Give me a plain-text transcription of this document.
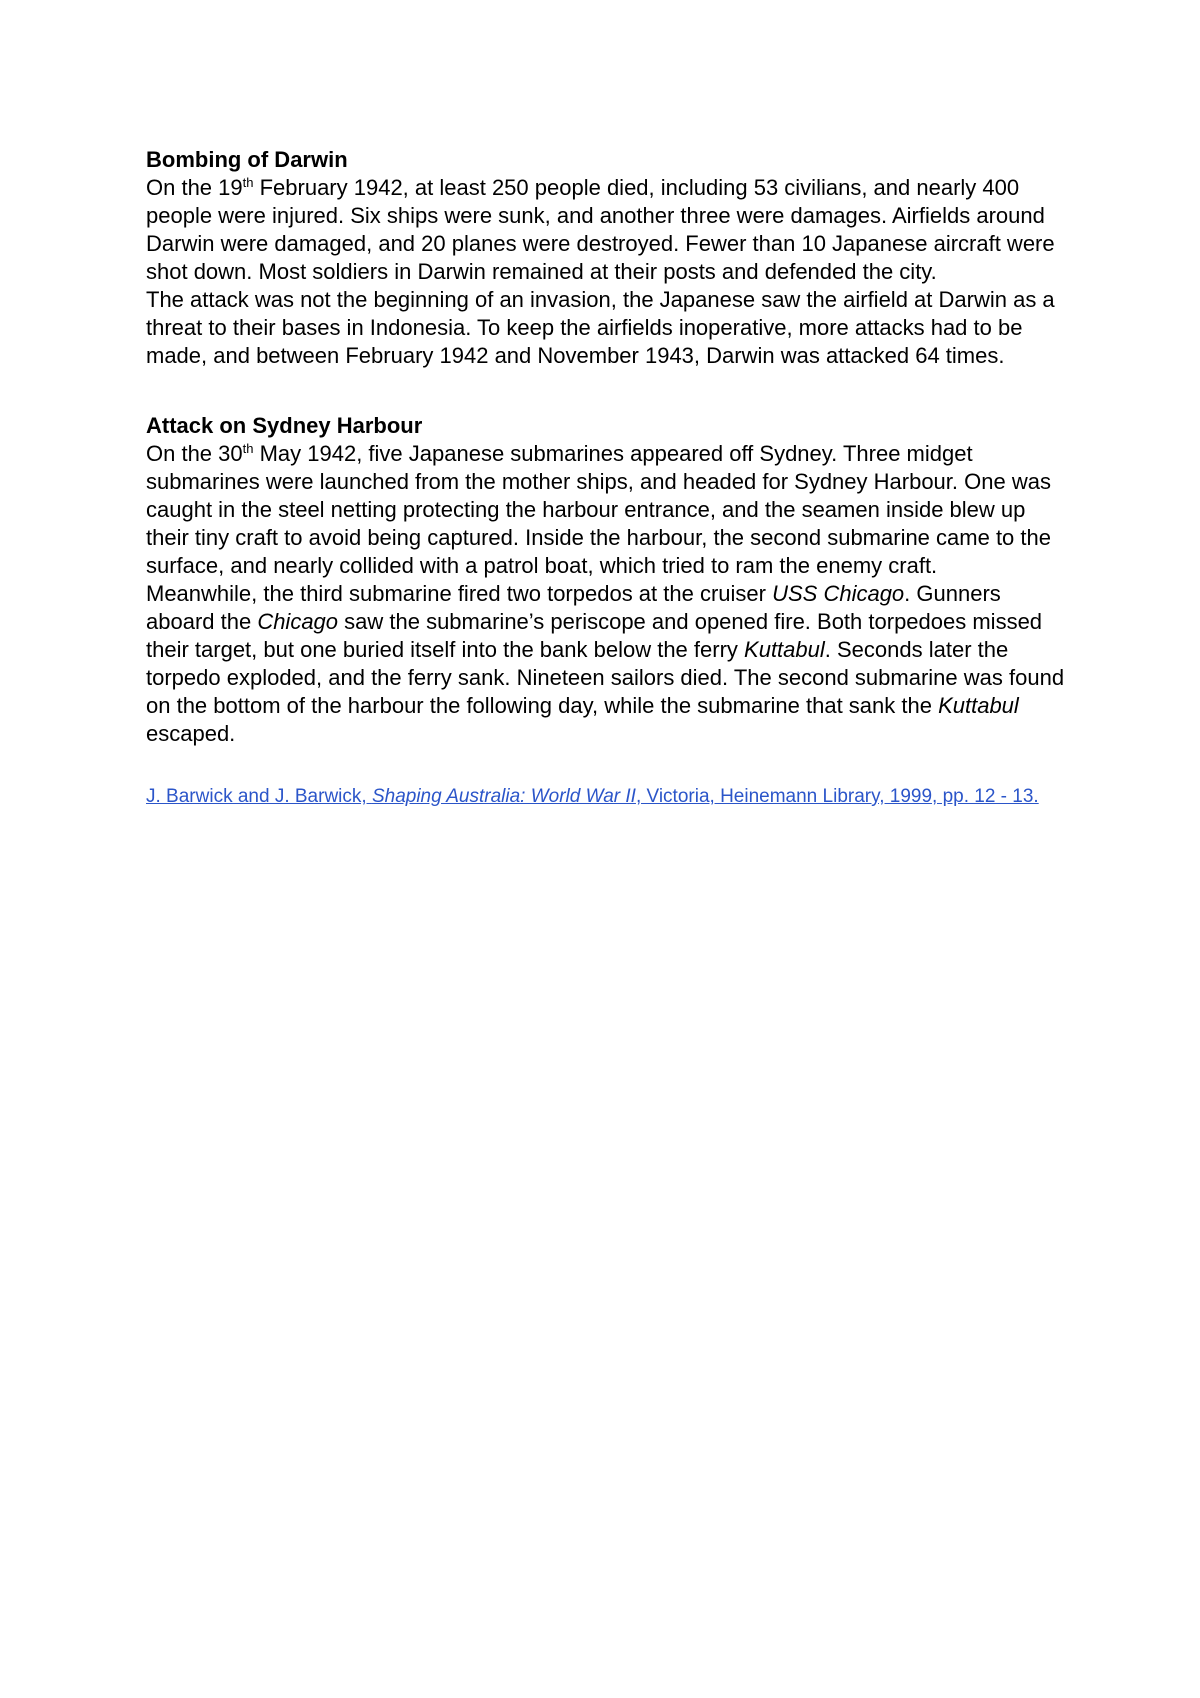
Bombing of Darwin

On the 19th February 1942, at least 250 people died, including 53 civilians, and nearly 400 people were injured. Six ships were sunk, and another three were damages. Airfields around Darwin were damaged, and 20 planes were destroyed. Fewer than 10 Japanese aircraft were shot down. Most soldiers in Darwin remained at their posts and defended the city.

The attack was not the beginning of an invasion, the Japanese saw the airfield at Darwin as a threat to their bases in Indonesia. To keep the airfields inoperative, more attacks had to be made, and between February 1942 and November 1943, Darwin was attacked 64 times.

Attack on Sydney Harbour

On the 30th May 1942, five Japanese submarines appeared off Sydney. Three midget submarines were launched from the mother ships, and headed for Sydney Harbour. One was caught in the steel netting protecting the harbour entrance, and the seamen inside blew up their tiny craft to avoid being captured. Inside the harbour, the second submarine came to the surface, and nearly collided with a patrol boat, which tried to ram the enemy craft.

Meanwhile, the third submarine fired two torpedos at the cruiser USS Chicago. Gunners aboard the Chicago saw the submarine’s periscope and opened fire. Both torpedoes missed their target, but one buried itself into the bank below the ferry Kuttabul. Seconds later the torpedo exploded, and the ferry sank. Nineteen sailors died. The second submarine was found on the bottom of the harbour the following day, while the submarine that sank the Kuttabul escaped.

J. Barwick and J. Barwick, Shaping Australia: World War II, Victoria, Heinemann Library, 1999, pp. 12 - 13.
